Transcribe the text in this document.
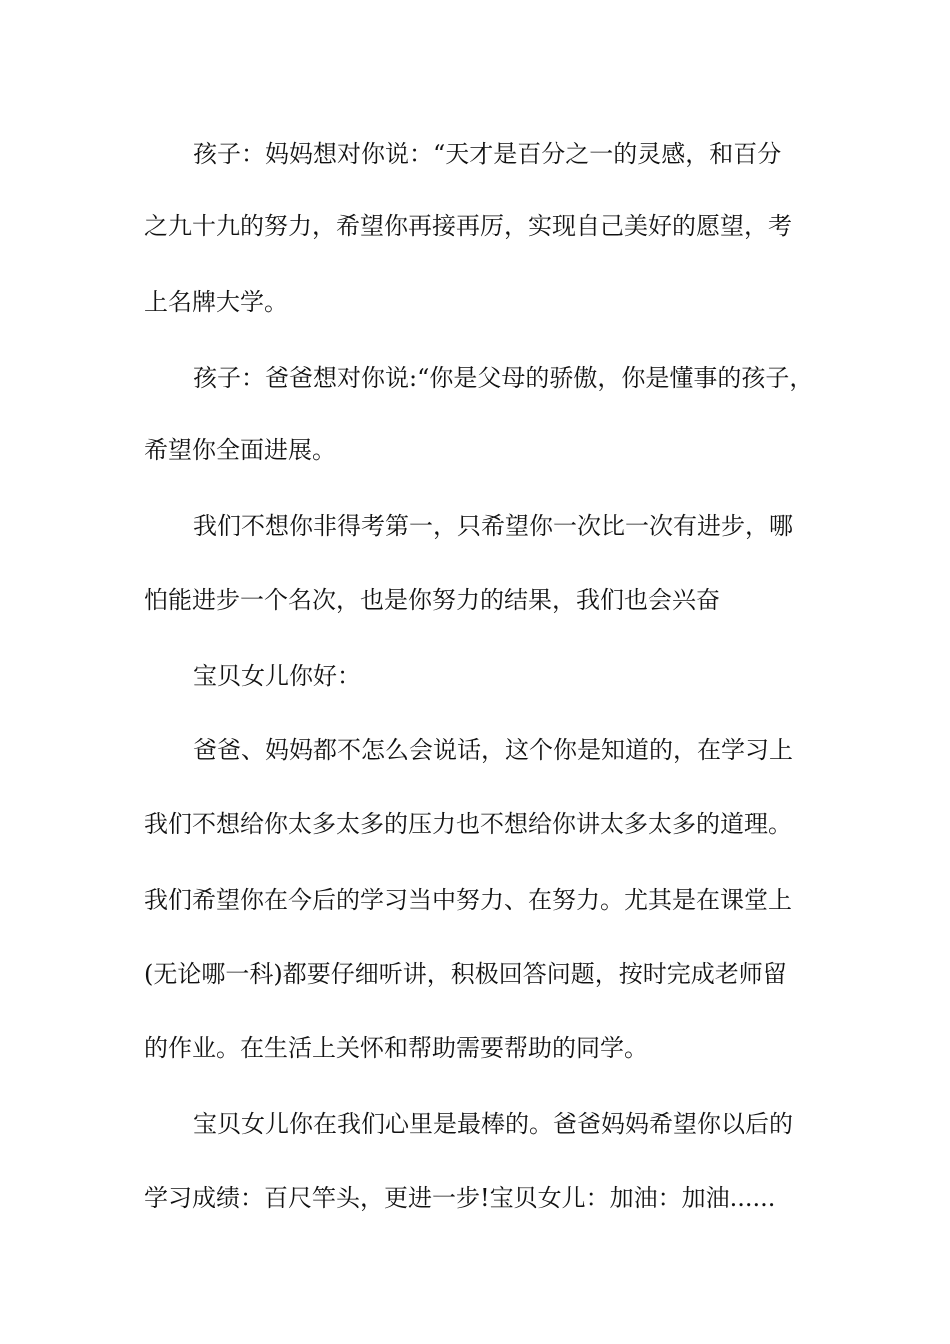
孩子：妈妈想对你说：“天才是百分之一的灵感，和百分
之九十九的努力，希望你再接再厉，实现自己美好的愿望，考
上名牌大学。
孩子：爸爸想对你说:“你是父母的骄傲，你是懂事的孩子，
希望你全面进展。
我们不想你非得考第一，只希望你一次比一次有进步，哪
怕能进步一个名次，也是你努力的结果，我们也会兴奋
宝贝女儿你好：
爸爸、妈妈都不怎么会说话，这个你是知道的，在学习上
我们不想给你太多太多的压力也不想给你讲太多太多的道理。
我们希望你在今后的学习当中努力、在努力。尤其是在课堂上
(无论哪一科)都要仔细听讲，积极回答问题，按时完成老师留
的作业。在生活上关怀和帮助需要帮助的同学。
宝贝女儿你在我们心里是最棒的。爸爸妈妈希望你以后的
学习成绩：百尺竿头，更进一步!宝贝女儿：加油：加油......
